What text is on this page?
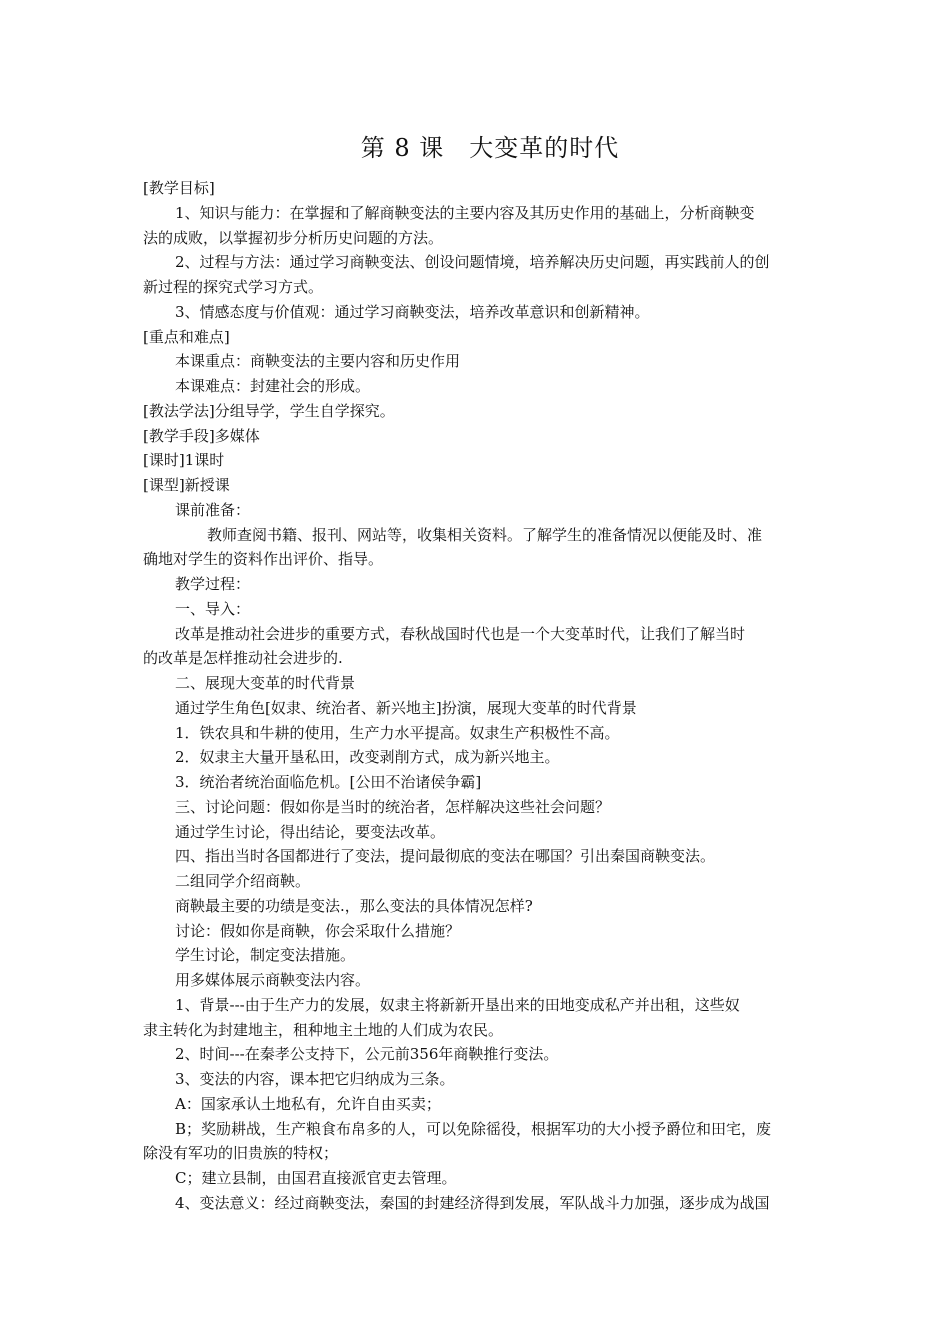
第 8 课　大变革的时代
[教学目标]
1、知识与能力：在掌握和了解商鞅变法的主要内容及其历史作用的基础上，分析商鞅变
法的成败，以掌握初步分析历史问题的方法。
2、过程与方法：通过学习商鞅变法、创设问题情境，培养解决历史问题，再实践前人的创
新过程的探究式学习方式。
3、情感态度与价值观：通过学习商鞅变法，培养改革意识和创新精神。
[重点和难点]
本课重点：商鞅变法的主要内容和历史作用
本课难点：封建社会的形成。
[教法学法]分组导学，学生自学探究。
[教学手段]多媒体
[课时]1课时
[课型]新授课
课前准备：
教师查阅书籍、报刊、网站等，收集相关资料。了解学生的准备情况以便能及时、准
确地对学生的资料作出评价、指导。
教学过程：
一、导入：
改革是推动社会进步的重要方式，春秋战国时代也是一个大变革时代，让我们了解当时
的改革是怎样推动社会进步的.
二、展现大变革的时代背景
通过学生角色[奴隶、统治者、新兴地主]扮演，展现大变革的时代背景
1．铁农具和牛耕的使用，生产力水平提高。奴隶生产积极性不高。
2．奴隶主大量开垦私田，改变剥削方式，成为新兴地主。
3．统治者统治面临危机。[公田不治诸侯争霸]
三、讨论问题：假如你是当时的统治者，怎样解决这些社会问题？
通过学生讨论，得出结论，要变法改革。
四、指出当时各国都进行了变法，提问最彻底的变法在哪国？引出秦国商鞅变法。
二组同学介绍商鞅。
商鞅最主要的功绩是变法.，那么变法的具体情况怎样?
讨论：假如你是商鞅，你会采取什么措施？
学生讨论，制定变法措施。
用多媒体展示商鞅变法内容。
1、背景---由于生产力的发展，奴隶主将新新开垦出来的田地变成私产并出租，这些奴
隶主转化为封建地主，租种地主土地的人们成为农民。
2、时间---在秦孝公支持下，公元前356年商鞅推行变法。
3、变法的内容，课本把它归纳成为三条。
A：国家承认土地私有，允许自由买卖；
B；奖励耕战，生产粮食布帛多的人，可以免除徭役，根据军功的大小授予爵位和田宅，废
除没有军功的旧贵族的特权；
C；建立县制，由国君直接派官吏去管理。
4、变法意义：经过商鞅变法，秦国的封建经济得到发展，军队战斗力加强，逐步成为战国
